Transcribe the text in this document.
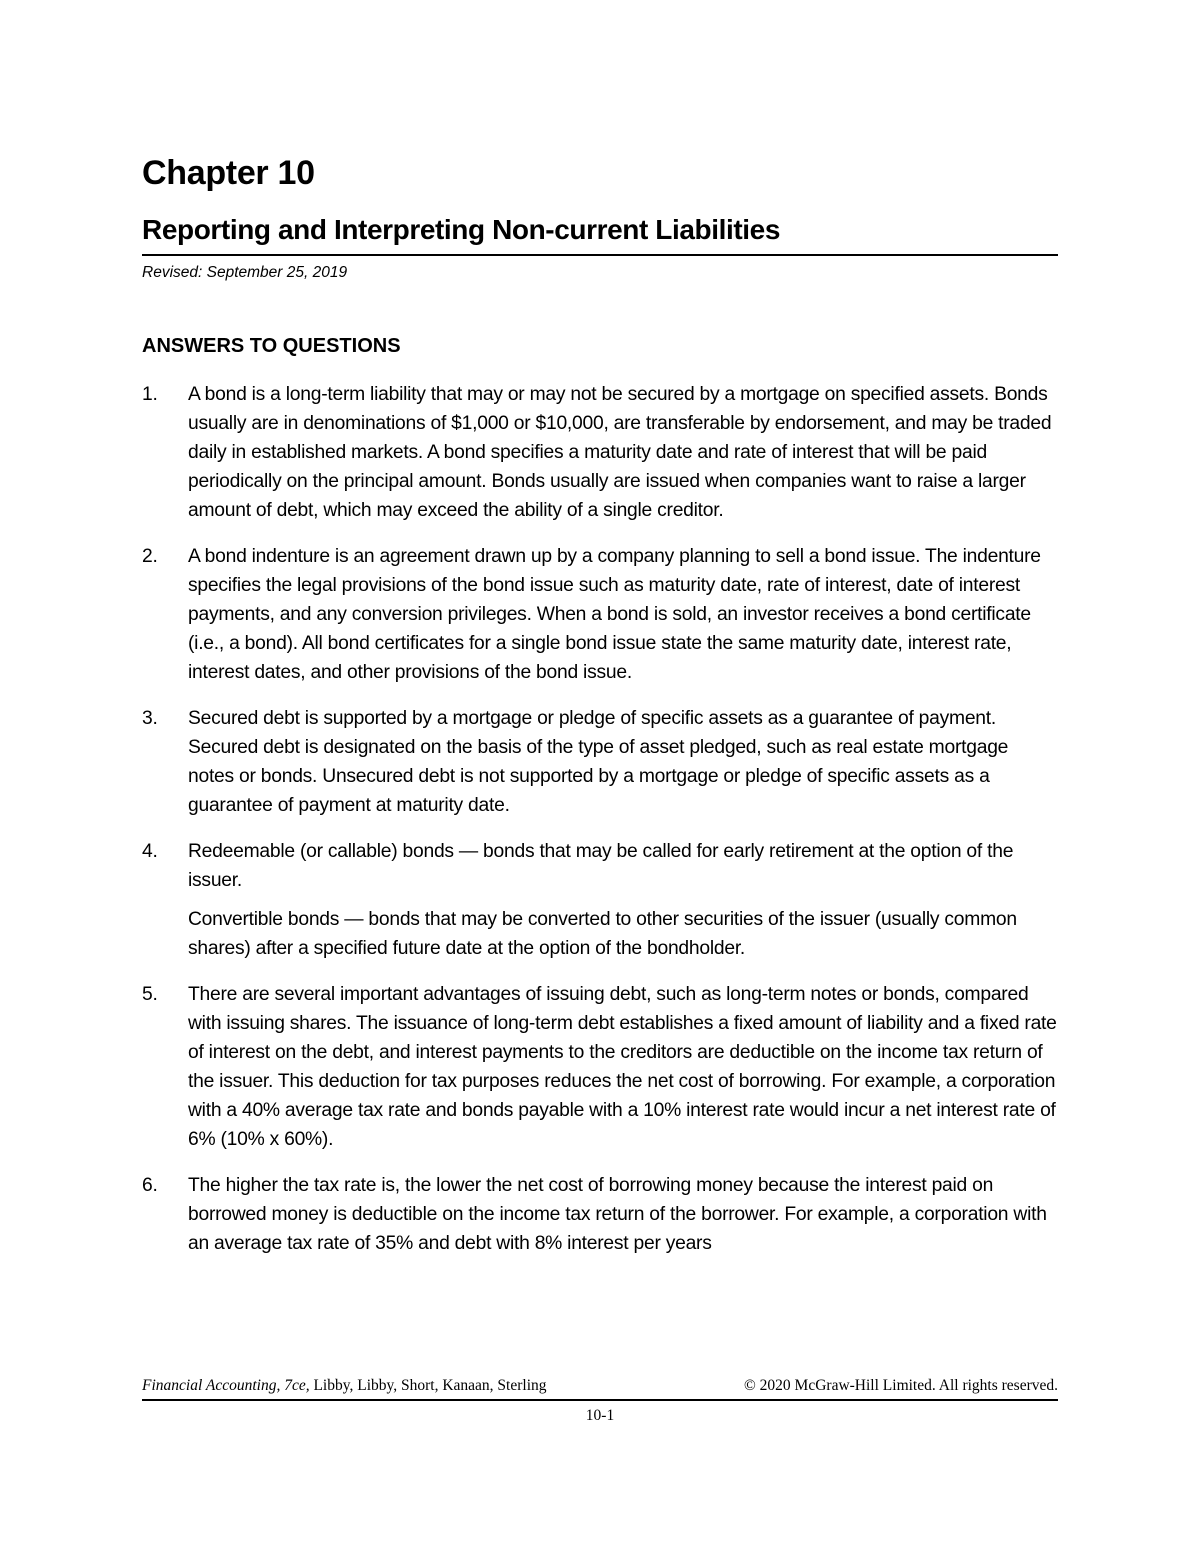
Chapter 10
Reporting and Interpreting Non-current Liabilities

Revised: September 25, 2019

ANSWERS TO QUESTIONS
1.	A bond is a long-term liability that may or may not be secured by a mortgage on specified assets. Bonds usually are in denominations of $1,000 or $10,000, are transferable by endorsement, and may be traded daily in established markets. A bond specifies a maturity date and rate of interest that will be paid periodically on the principal amount. Bonds usually are issued when companies want to raise a larger amount of debt, which may exceed the ability of a single creditor.

2.	A bond indenture is an agreement drawn up by a company planning to sell a bond issue. The indenture specifies the legal provisions of the bond issue such as maturity date, rate of interest, date of interest payments, and any conversion privileges. When a bond is sold, an investor receives a bond certificate (i.e., a bond). All bond certificates for a single bond issue state the same maturity date, interest rate, interest dates, and other provisions of the bond issue.

3.	Secured debt is supported by a mortgage or pledge of specific assets as a guarantee of payment. Secured debt is designated on the basis of the type of asset pledged, such as real estate mortgage notes or bonds. Unsecured debt is not supported by a mortgage or pledge of specific assets as a guarantee of payment at maturity date.

4.	Redeemable (or callable) bonds — bonds that may be called for early retirement at the option of the issuer.

Convertible bonds — bonds that may be converted to other securities of the issuer (usually common shares) after a specified future date at the option of the bondholder.

5.	There are several important advantages of issuing debt, such as long-term notes or bonds, compared with issuing shares. The issuance of long-term debt establishes a fixed amount of liability and a fixed rate of interest on the debt, and interest payments to the creditors are deductible on the income tax return of the issuer. This deduction for tax purposes reduces the net cost of borrowing. For example, a corporation with a 40% average tax rate and bonds payable with a 10% interest rate would incur a net interest rate of 6% (10% x 60%).

6.	The higher the tax rate is, the lower the net cost of borrowing money because the interest paid on borrowed money is deductible on the income tax return of the borrower. For example, a corporation with an average tax rate of 35% and debt with 8% interest per years

Financial Accounting, 7ce, Libby, Libby, Short, Kanaan, Sterling	© 2020 McGraw-Hill Limited. All rights reserved.
10-1
